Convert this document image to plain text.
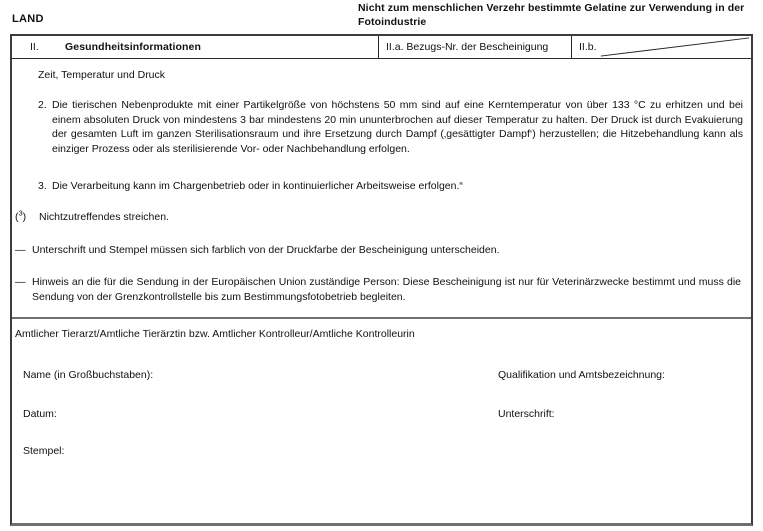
LAND
Nicht zum menschlichen Verzehr bestimmte Gelatine zur Verwendung in der Fotoindustrie
II. Gesundheitsinformationen	II.a. Bezugs-Nr. der Bescheinigung	II.b.
Zeit, Temperatur und Druck
2. Die tierischen Nebenprodukte mit einer Partikelgröße von höchstens 50 mm sind auf eine Kerntemperatur von über 133 °C zu erhitzen und bei einem absoluten Druck von mindestens 3 bar mindestens 20 min ununterbrochen auf dieser Temperatur zu halten. Der Druck ist durch Evakuierung der gesamten Luft im ganzen Sterilisationsraum und ihre Ersetzung durch Dampf (‚gesättigter Dampf‘) herzustellen; die Hitzebehandlung kann als einziger Prozess oder als sterilisierende Vor- oder Nachbehandlung erfolgen.
3. Die Verarbeitung kann im Chargenbetrieb oder in kontinuierlicher Arbeitsweise erfolgen.“
($^3$) Nichtzutreffendes streichen.
— Unterschrift und Stempel müssen sich farblich von der Druckfarbe der Bescheinigung unterscheiden.
— Hinweis an die für die Sendung in der Europäischen Union zuständige Person: Diese Bescheinigung ist nur für Veterinärzwecke bestimmt und muss die Sendung von der Grenzkontrollstelle bis zum Bestimmungsfotobetrieb begleiten.
Amtlicher Tierarzt/Amtliche Tierärztin bzw. Amtlicher Kontrolleur/Amtliche Kontrolleurin
Name (in Großbuchstaben):	Qualifikation und Amtsbezeichnung:
Datum:	Unterschrift:
Stempel:
